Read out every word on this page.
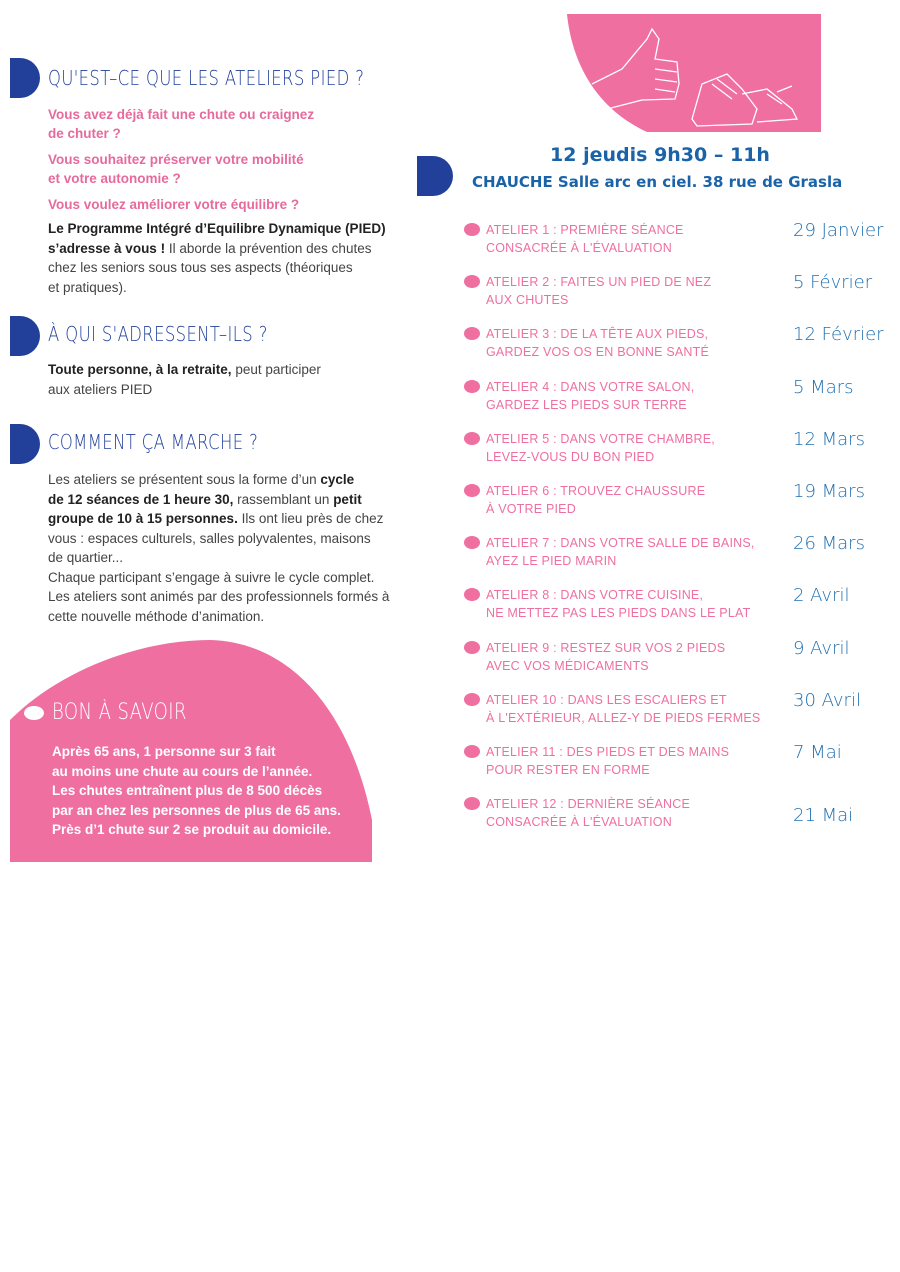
QU'EST–CE QUE LES ATELIERS PIED ?
Vous avez déjà fait une chute ou craignez
de chuter ?
Vous souhaitez préserver votre mobilité
et votre autonomie ?
Vous voulez améliorer votre équilibre ?
Le Programme Intégré d’Equilibre Dynamique (PIED)
s’adresse à vous ! Il aborde la prévention des chutes
chez les seniors sous tous ses aspects (théoriques
et pratiques).
À QUI S'ADRESSENT–ILS ?
Toute personne, à la retraite, peut participer
aux ateliers PIED
COMMENT ÇA MARCHE ?
Les ateliers se présentent sous la forme d’un cycle
de 12 séances de 1 heure 30, rassemblant un petit
groupe de 10 à 15 personnes. Ils ont lieu près de chez
vous : espaces culturels, salles polyvalentes, maisons
de quartier...
Chaque participant s’engage à suivre le cycle complet.
Les ateliers sont animés par des professionnels formés à
cette nouvelle méthode d’animation.
BON À SAVOIR
Après 65 ans, 1 personne sur 3 fait
au moins une chute au cours de l’année.
Les chutes entraînent plus de 8 500 décès
par an chez les personnes de plus de 65 ans.
Près d’1 chute sur 2 se produit au domicile.
12 jeudis 9h30 – 11h
CHAUCHE Salle arc en ciel. 38 rue de Grasla
ATELIER 1 : PREMIÈRE SÉANCE
CONSACRÉE À L'ÉVALUATION
29 Janvier
ATELIER 2 : FAITES UN PIED DE NEZ
AUX CHUTES
5 Février
ATELIER 3 : DE LA TÊTE AUX PIEDS,
GARDEZ VOS OS EN BONNE SANTÉ
12 Février
ATELIER 4 : DANS VOTRE SALON,
GARDEZ LES PIEDS SUR TERRE
5 Mars
ATELIER 5 : DANS VOTRE CHAMBRE,
LEVEZ-VOUS DU BON PIED
12 Mars
ATELIER 6 : TROUVEZ CHAUSSURE
À VOTRE PIED
19 Mars
ATELIER 7 : DANS VOTRE SALLE DE BAINS,
AYEZ LE PIED MARIN
26 Mars
ATELIER 8 : DANS VOTRE CUISINE,
NE METTEZ PAS LES PIEDS DANS LE PLAT
2 Avril
ATELIER 9 : RESTEZ SUR VOS 2 PIEDS
AVEC VOS MÉDICAMENTS
9 Avril
ATELIER 10 : DANS LES ESCALIERS ET
À L'EXTÉRIEUR, ALLEZ-Y DE PIEDS FERMES
30 Avril
ATELIER 11 : DES PIEDS ET DES MAINS
POUR RESTER EN FORME
7 Mai
ATELIER 12 : DERNIÈRE SÉANCE
CONSACRÉE À L'ÉVALUATION	21 Mai
